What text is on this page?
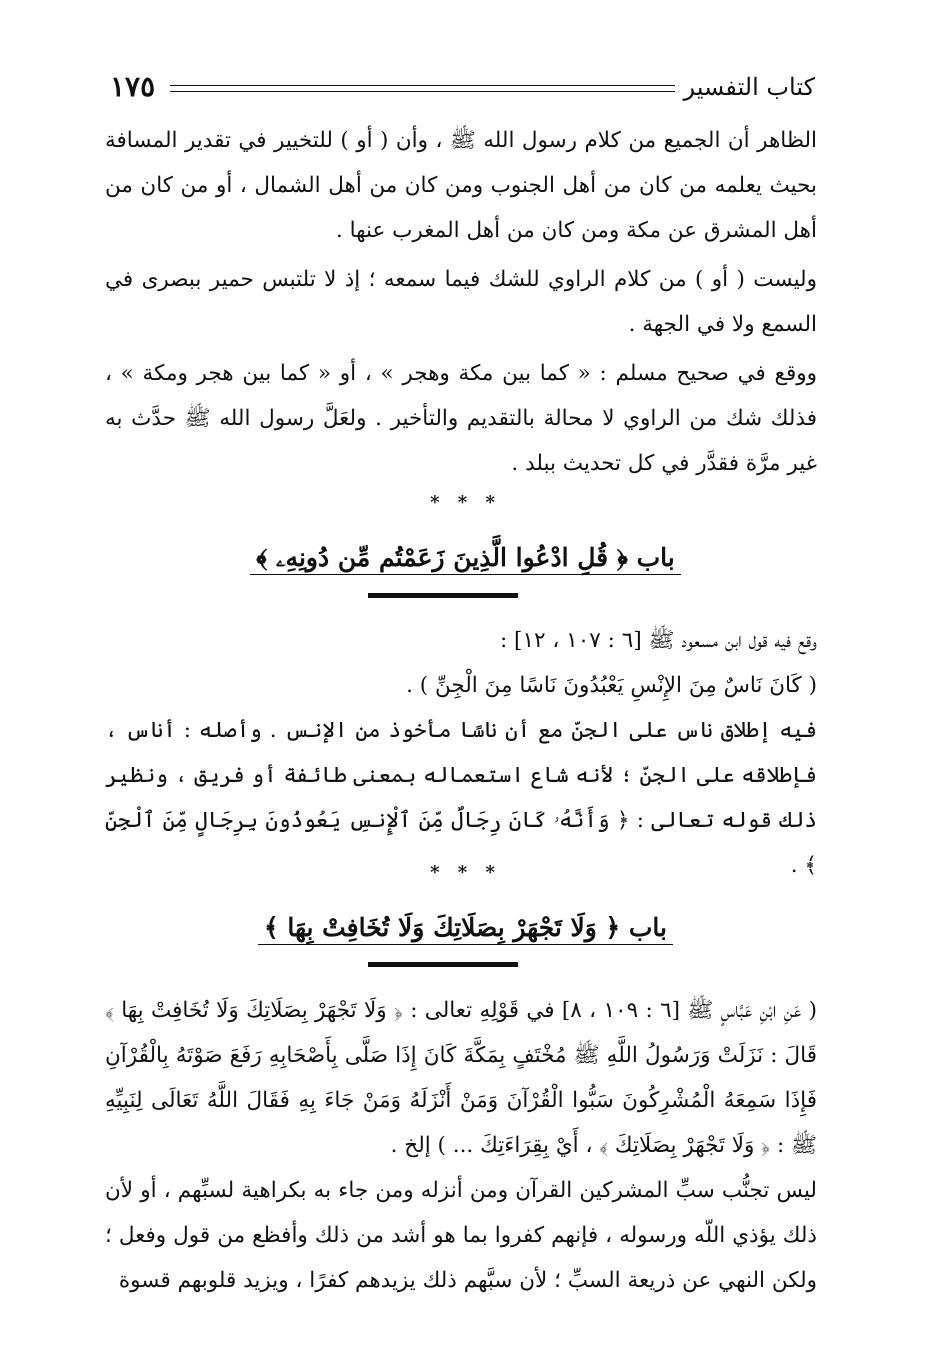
١٧٥	كتاب التفسير

الظاهر أن الجميع من كلام رسول الله ﷺ ، وأن ( أو ) للتخيير في تقدير المسافة بحيث يعلمه من كان من أهل الجنوب ومن كان من أهل الشمال ، أو من كان من أهل المشرق عن مكة ومن كان من أهل المغرب عنها .

وليست ( أو ) من كلام الراوي للشك فيما سمعه ؛ إذ لا تلتبس حمير ببصرى في السمع ولا في الجهة .

ووقع في صحيح مسلم : « كما بين مكة وهجر » ، أو « كما بين هجر ومكة » ، فذلك شك من الراوي لا محالة بالتقديم والتأخير . ولعَلَّ رسول الله ﷺ حدَّث به غير مرَّة فقدَّر في كل تحديث ببلد .

* * *
باب ﴿ قُلِ ادْعُوا الَّذِينَ زَعَمْتُم مِّن دُونِهِۦ ﴾

وقع فيه قول ابن مسعود ﷺ [٦ : ١٠٧ ، ١٢] :

( كَانَ نَاسٌ مِنَ الإِنْسِ يَعْبُدُونَ نَاسًا مِنَ الْجِنِّ ) .

فيه إطلاق ناس على الجنّ مع أن ناسًا مأخوذ من الإنس . وأصله : أناس ، فإطلاقه على الجنّ ؛ لأنه شاع استعماله بمعنى طائفة أو فريق ، ونظير ذلك قوله تعالى : ﴿ وَأَنَّهُۥ كَانَ رِجَالٌ مِّنَ ٱلْإِنسِ يَعُوذُونَ بِرِجَالٍ مِّنَ ٱلْجِنِّ ﴾ .

* * *
باب ﴿ وَلَا تَجْهَرْ بِصَلَاتِكَ وَلَا تُخَافِتْ بِهَا ﴾

( عَنِ ابْنِ عَبَّاسٍ ﷺ [٦ : ١٠٩ ، ٨] في قَوْلِهِ تعالى : ﴿ وَلَا تَجْهَرْ بِصَلَاتِكَ وَلَا تُخَافِتْ بِهَا ﴾ قَالَ : نَزَلَتْ وَرَسُولُ اللَّهِ ﷺ مُخْتَفٍ بِمَكَّةَ كَانَ إِذَا صَلَّى بِأَصْحَابِهِ رَفَعَ صَوْتَهُ بِالْقُرْآنِ فَإِذَا سَمِعَهُ الْمُشْرِكُونَ سَبُّوا الْقُرْآنَ وَمَنْ أَنْزَلَهُ وَمَنْ جَاءَ بِهِ فَقَالَ اللَّهُ تَعَالَى لِنَبِيِّهِ ﷺ : ﴿ وَلَا تَجْهَرْ بِصَلَاتِكَ ﴾ ، أَيْ بِقِرَاءَتِكَ ... ) إلخ .

ليس تجنُّب سبِّ المشركين القرآن ومن أنزله ومن جاء به بكراهية لسبِّهم ، أو لأن ذلك يؤذي اللّه ورسوله ، فإنهم كفروا بما هو أشد من ذلك وأفظع من قول وفعل ؛ ولكن النهي عن ذريعة السبِّ ؛ لأن سبَّهم ذلك يزيدهم كفرًا ، ويزيد قلوبهم قسوة
